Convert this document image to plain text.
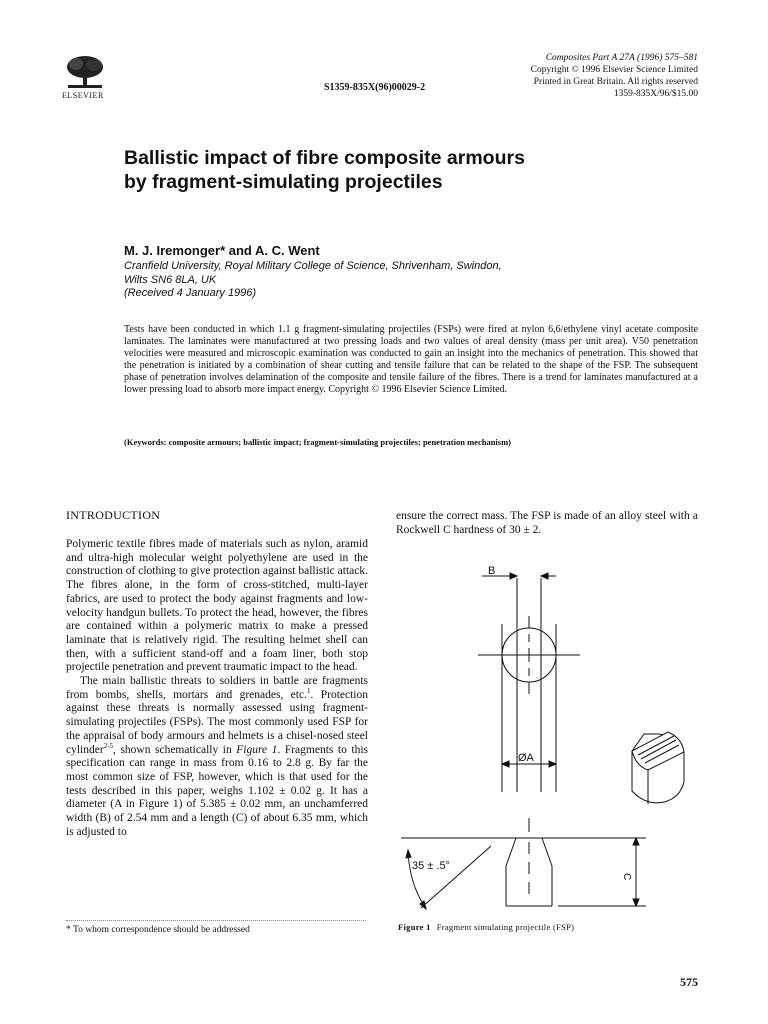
ELSEVIER
S1359-835X(96)00029-2
Composites Part A 27A (1996) 575–581
Copyright © 1996 Elsevier Science Limited
Printed in Great Britain. All rights reserved
1359-835X/96/$15.00
Ballistic impact of fibre composite armours
by fragment-simulating projectiles
M. J. Iremonger* and A. C. Went
Cranfield University, Royal Military College of Science, Shrivenham, Swindon,
Wilts SN6 8LA, UK
(Received 4 January 1996)
Tests have been conducted in which 1.1 g fragment-simulating projectiles (FSPs) were fired at nylon 6,6/ethylene vinyl acetate composite laminates. The laminates were manufactured at two pressing loads and two values of areal density (mass per unit area). V50 penetration velocities were measured and microscopic examination was conducted to gain an insight into the mechanics of penetration. This showed that the penetration is initiated by a combination of shear cutting and tensile failure that can be related to the shape of the FSP. The subsequent phase of penetration involves delamination of the composite and tensile failure of the fibres. There is a trend for laminates manufactured at a lower pressing load to absorb more impact energy. Copyright © 1996 Elsevier Science Limited.
(Keywords: composite armours; ballistic impact; fragment-simulating projectiles; penetration mechanism)
INTRODUCTION

Polymeric textile fibres made of materials such as nylon, aramid and ultra-high molecular weight polyethylene are used in the construction of clothing to give protection against ballistic attack. The fibres alone, in the form of cross-stitched, multi-layer fabrics, are used to protect the body against fragments and low-velocity handgun bullets. To protect the head, however, the fibres are contained within a polymeric matrix to make a pressed laminate that is relatively rigid. The resulting helmet shell can then, with a sufficient stand-off and a foam liner, both stop projectile penetration and prevent traumatic impact to the head.

The main ballistic threats to soldiers in battle are fragments from bombs, shells, mortars and grenades, etc.$^1$. Protection against these threats is normally assessed using fragment-simulating projectiles (FSPs). The most commonly used FSP for the appraisal of body armours and helmets is a chisel-nosed steel cylinder$^{2-5}$, shown schematically in Figure 1. Fragments to this specification can range in mass from 0.16 to 2.8 g. By far the most common size of FSP, however, which is that used for the tests described in this paper, weighs 1.102 ± 0.02 g. It has a diameter (A in Figure 1) of 5.385 ± 0.02 mm, an unchamferred width (B) of 2.54 mm and a length (C) of about 6.35 mm, which is adjusted to

ensure the correct mass. The FSP is made of an alloy steel with a Rockwell C hardness of 30 ± 2.
B
ØA
35 ± .5°
C
* To whom correspondence should be addressed	Figure 1 Fragment simulating projectile (FSP)
575
